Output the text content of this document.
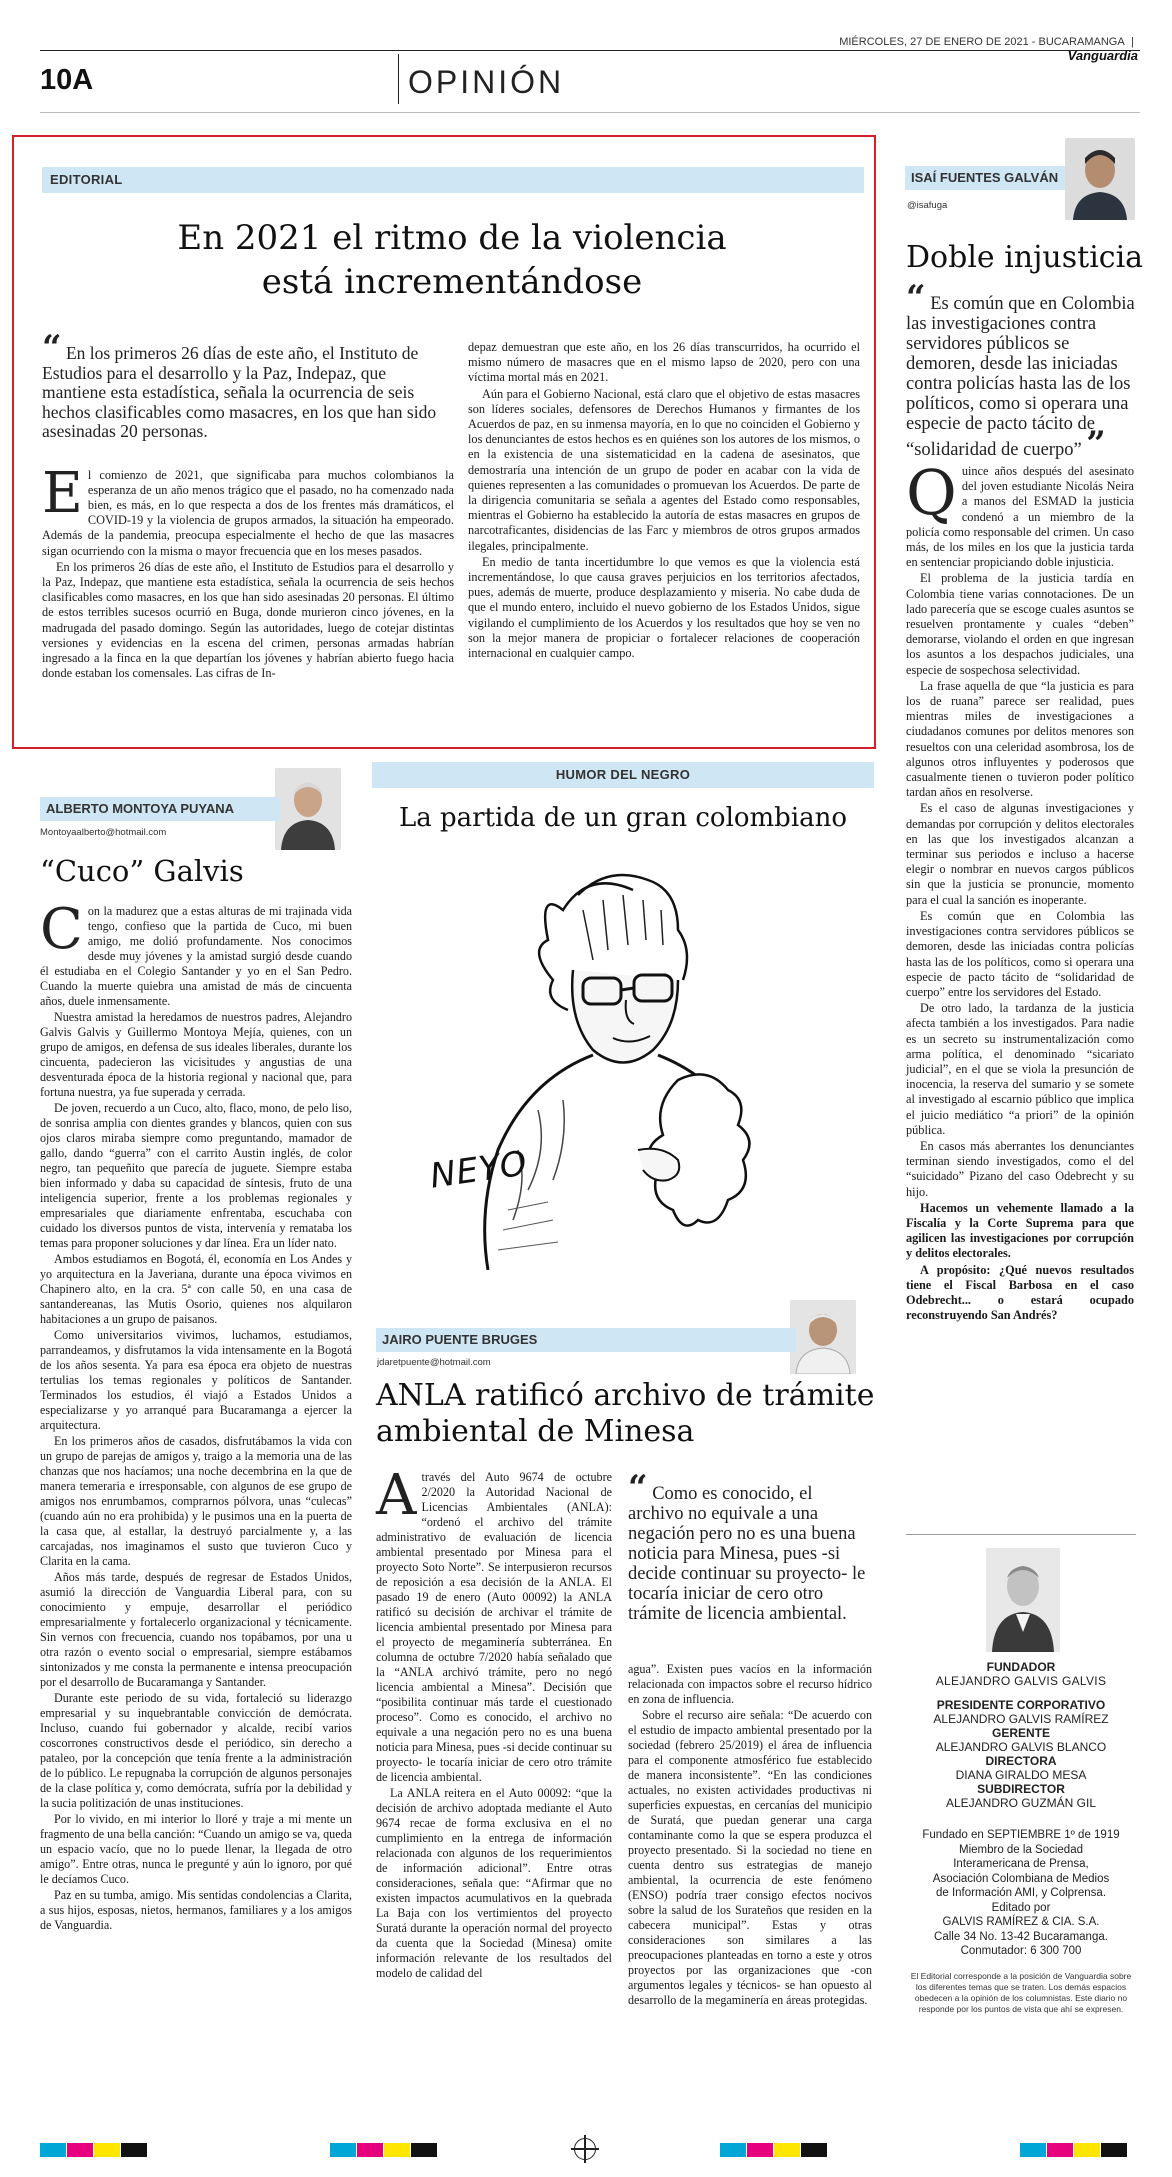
MIÉRCOLES, 27 DE ENERO DE 2021 - BUCARAMANGA | Vanguardia
10A	OPINIÓN
EDITORIAL
En 2021 el ritmo de la violencia
está incrementándose
“ En los primeros 26 días de este año, el Instituto de Estudios para el desarrollo y la Paz, Indepaz, que mantiene esta estadística, señala la ocurrencia de seis hechos clasificables como masacres, en los que han sido asesinadas 20 personas.
E l comienzo de 2021, que significaba para muchos colombianos la esperanza de un año menos trágico que el pasado, no ha comenzado nada bien, es más, en lo que respecta a dos de los frentes más dramáticos, el COVID-19 y la violencia de grupos armados, la situación ha empeorado. Además de la pandemia, preocupa especialmente el hecho de que las masacres sigan ocurriendo con la misma o mayor frecuencia que en los meses pasados.

En los primeros 26 días de este año, el Instituto de Estudios para el desarrollo y la Paz, Indepaz, que mantiene esta estadística, señala la ocurrencia de seis hechos clasificables como masacres, en los que han sido asesinadas 20 personas. El último de estos terribles sucesos ocurrió en Buga, donde murieron cinco jóvenes, en la madrugada del pasado domingo. Según las autoridades, luego de cotejar distintas versiones y evidencias en la escena del crimen, personas armadas habrían ingresado a la finca en la que departían los jóvenes y habrían abierto fuego hacia donde estaban los comensales. Las cifras de In-

depaz demuestran que este año, en los 26 días transcurridos, ha ocurrido el mismo número de masacres que en el mismo lapso de 2020, pero con una víctima mortal más en 2021.

Aún para el Gobierno Nacional, está claro que el objetivo de estas masacres son líderes sociales, defensores de Derechos Humanos y firmantes de los Acuerdos de paz, en su inmensa mayoría, en lo que no coinciden el Gobierno y los denunciantes de estos hechos es en quiénes son los autores de los mismos, o en la existencia de una sistematicidad en la cadena de asesinatos, que demostraría una intención de un grupo de poder en acabar con la vida de quienes representen a las comunidades o promuevan los Acuerdos. De parte de la dirigencia comunitaria se señala a agentes del Estado como responsables, mientras el Gobierno ha establecido la autoría de estas masacres en grupos de narcotraficantes, disidencias de las Farc y miembros de otros grupos armados ilegales, principalmente.

En medio de tanta incertidumbre lo que vemos es que la violencia está incrementándose, lo que causa graves perjuicios en los territorios afectados, pues, además de muerte, produce desplazamiento y miseria. No cabe duda de que el mundo entero, incluido el nuevo gobierno de los Estados Unidos, sigue vigilando el cumplimiento de los Acuerdos y los resultados que hoy se ven no son la mejor manera de propiciar o fortalecer relaciones de cooperación internacional en cualquier campo.

ISAÍ FUENTES GALVÁN
@isafuga
Doble injusticia
“ Es común que en Colombia las investigaciones contra servidores públicos se demoren, desde las iniciadas contra policías hasta las de los políticos, como si operara una especie de pacto tácito de “solidaridad de cuerpo” ”
Q uince años después del asesinato del joven estudiante Nicolás Neira a manos del ESMAD la justicia condenó a un miembro de la policía como responsable del crimen. Un caso más, de los miles en los que la justicia tarda en sentenciar propiciando doble injusticia.

El problema de la justicia tardía en Colombia tiene varias connotaciones. De un lado parecería que se escoge cuales asuntos se resuelven prontamente y cuales “deben” demorarse, violando el orden en que ingresan los asuntos a los despachos judiciales, una especie de sospechosa selectividad.

La frase aquella de que “la justicia es para los de ruana” parece ser realidad, pues mientras miles de investigaciones a ciudadanos comunes por delitos menores son resueltos con una celeridad asombrosa, los de algunos otros influyentes y poderosos que casualmente tienen o tuvieron poder político tardan años en resolverse.

Es el caso de algunas investigaciones y demandas por corrupción y delitos electorales en las que los investigados alcanzan a terminar sus periodos e incluso a hacerse elegir o nombrar en nuevos cargos públicos sin que la justicia se pronuncie, momento para el cual la sanción es inoperante.

Es común que en Colombia las investigaciones contra servidores públicos se demoren, desde las iniciadas contra policías hasta las de los políticos, como si operara una especie de pacto tácito de “solidaridad de cuerpo” entre los servidores del Estado.

De otro lado, la tardanza de la justicia afecta también a los investigados. Para nadie es un secreto su instrumentalización como arma política, el denominado “sicariato judicial”, en el que se viola la presunción de inocencia, la reserva del sumario y se somete al investigado al escarnio público que implica el juicio mediático “a priori” de la opinión pública.

En casos más aberrantes los denunciantes terminan siendo investigados, como el del “suicidado” Pizano del caso Odebrecht y su hijo.

Hacemos un vehemente llamado a la Fiscalía y la Corte Suprema para que agilicen las investigaciones por corrupción y delitos electorales.

A propósito: ¿Qué nuevos resultados tiene el Fiscal Barbosa en el caso Odebrecht... o estará ocupado reconstruyendo San Andrés?

FUNDADOR
ALEJANDRO GALVIS GALVIS
PRESIDENTE CORPORATIVO
ALEJANDRO GALVIS RAMÍREZ
GERENTE
ALEJANDRO GALVIS BLANCO
DIRECTORA
DIANA GIRALDO MESA
SUBDIRECTOR
ALEJANDRO GUZMÁN GIL
Fundado en SEPTIEMBRE 1º de 1919
Miembro de la Sociedad
Interamericana de Prensa,
Asociación Colombiana de Medios
de Información AMI, y Colprensa.
Editado por
GALVIS RAMÍREZ & CIA. S.A.
Calle 34 No. 13-42 Bucaramanga.
Conmutador: 6 300 700
El Editorial corresponde a la posición de Vanguardia sobre los diferentes temas que se traten. Los demás espacios obedecen a la opinión de los columnistas. Este diario no responde por los puntos de vista que ahí se expresen.
ALBERTO MONTOYA PUYANA
Montoyaalberto@hotmail.com
“Cuco” Galvis
C on la madurez que a estas alturas de mi trajinada vida tengo, confieso que la partida de Cuco, mi buen amigo, me dolió profundamente. Nos conocimos desde muy jóvenes y la amistad surgió desde cuando él estudiaba en el Colegio Santander y yo en el San Pedro. Cuando la muerte quiebra una amistad de más de cincuenta años, duele inmensamente.

Nuestra amistad la heredamos de nuestros padres, Alejandro Galvis Galvis y Guillermo Montoya Mejía, quienes, con un grupo de amigos, en defensa de sus ideales liberales, durante los cincuenta, padecieron las vicisitudes y angustias de una desventurada época de la historia regional y nacional que, para fortuna nuestra, ya fue superada y cerrada.

De joven, recuerdo a un Cuco, alto, flaco, mono, de pelo liso, de sonrisa amplia con dientes grandes y blancos, quien con sus ojos claros miraba siempre como preguntando, mamador de gallo, dando “guerra” con el carrito Austin inglés, de color negro, tan pequeñito que parecía de juguete. Siempre estaba bien informado y daba su capacidad de síntesis, fruto de una inteligencia superior, frente a los problemas regionales y empresariales que diariamente enfrentaba, escuchaba con cuidado los diversos puntos de vista, intervenía y remataba los temas para proponer soluciones y dar línea. Era un líder nato.

Ambos estudiamos en Bogotá, él, economía en Los Andes y yo arquitectura en la Javeriana, durante una época vivimos en Chapinero alto, en la cra. 5ª con calle 50, en una casa de santandereanas, las Mutis Osorio, quienes nos alquilaron habitaciones a un grupo de paisanos.

Como universitarios vivimos, luchamos, estudiamos, parrandeamos, y disfrutamos la vida intensamente en la Bogotá de los años sesenta. Ya para esa época era objeto de nuestras tertulias los temas regionales y políticos de Santander. Terminados los estudios, él viajó a Estados Unidos a especializarse y yo arranqué para Bucaramanga a ejercer la arquitectura.

En los primeros años de casados, disfrutábamos la vida con un grupo de parejas de amigos y, traigo a la memoria una de las chanzas que nos hacíamos; una noche decembrina en la que de manera temeraria e irresponsable, con algunos de ese grupo de amigos nos enrumbamos, comprarnos pólvora, unas “culecas” (cuando aún no era prohibida) y le pusimos una en la puerta de la casa que, al estallar, la destruyó parcialmente y, a las carcajadas, nos imaginamos el susto que tuvieron Cuco y Clarita en la cama.

Años más tarde, después de regresar de Estados Unidos, asumió la dirección de Vanguardia Liberal para, con su conocimiento y empuje, desarrollar el periódico empresarialmente y fortalecerlo organizacional y técnicamente. Sin vernos con frecuencia, cuando nos topábamos, por una u otra razón o evento social o empresarial, siempre estábamos sintonizados y me consta la permanente e intensa preocupación por el desarrollo de Bucaramanga y Santander.

Durante este periodo de su vida, fortaleció su liderazgo empresarial y su inquebrantable convicción de demócrata. Incluso, cuando fui gobernador y alcalde, recibí varios coscorrones constructivos desde el periódico, sin derecho a pataleo, por la concepción que tenía frente a la administración de lo público. Le repugnaba la corrupción de algunos personajes de la clase política y, como demócrata, sufría por la debilidad y la sucia politización de unas instituciones.

Por lo vivido, en mi interior lo lloré y traje a mi mente un fragmento de una bella canción: “Cuando un amigo se va, queda un espacio vacío, que no lo puede llenar, la llegada de otro amigo”. Entre otras, nunca le pregunté y aún lo ignoro, por qué le decíamos Cuco.

Paz en su tumba, amigo. Mis sentidas condolencias a Clarita, a sus hijos, esposas, nietos, hermanos, familiares y a los amigos de Vanguardia.

HUMOR DEL NEGRO
La partida de un gran colombiano
NEYO
JAIRO PUENTE BRUGES
jdaretpuente@hotmail.com
ANLA ratificó archivo de trámite
ambiental de Minesa
A través del Auto 9674 de octubre 2/2020 la Autoridad Nacional de Licencias Ambientales (ANLA): “ordenó el archivo del trámite administrativo de evaluación de licencia ambiental presentado por Minesa para el proyecto Soto Norte”. Se interpusieron recursos de reposición a esa decisión de la ANLA. El pasado 19 de enero (Auto 00092) la ANLA ratificó su decisión de archivar el trámite de licencia ambiental presentado por Minesa para el proyecto de megaminería subterránea. En columna de octubre 7/2020 había señalado que la “ANLA archivó trámite, pero no negó licencia ambiental a Minesa”. Decisión que “posibilita continuar más tarde el cuestionado proceso”. Como es conocido, el archivo no equivale a una negación pero no es una buena noticia para Minesa, pues -si decide continuar su proyecto- le tocaría iniciar de cero otro trámite de licencia ambiental.

La ANLA reitera en el Auto 00092: “que la decisión de archivo adoptada mediante el Auto 9674 recae de forma exclusiva en el no cumplimiento en la entrega de información relacionada con algunos de los requerimientos de información adicional”. Entre otras consideraciones, señala que: “Afirmar que no existen impactos acumulativos en la quebrada La Baja con los vertimientos del proyecto Suratá durante la operación normal del proyecto da cuenta que la Sociedad (Minesa) omite información relevante de los resultados del modelo de calidad del

“ Como es conocido, el archivo no equivale a una negación pero no es una buena noticia para Minesa, pues -si decide continuar su proyecto- le tocaría iniciar de cero otro trámite de licencia ambiental.

agua”. Existen pues vacíos en la información relacionada con impactos sobre el recurso hídrico en zona de influencia.

Sobre el recurso aire señala: “De acuerdo con el estudio de impacto ambiental presentado por la sociedad (febrero 25/2019) el área de influencia para el componente atmosférico fue establecido de manera inconsistente”. “En las condiciones actuales, no existen actividades productivas ni superficies expuestas, en cercanías del municipio de Suratá, que puedan generar una carga contaminante como la que se espera produzca el proyecto presentado. Si la sociedad no tiene en cuenta dentro sus estrategias de manejo ambiental, la ocurrencia de este fenómeno (ENSO) podría traer consigo efectos nocivos sobre la salud de los Surateños que residen en la cabecera municipal”. Estas y otras consideraciones son similares a las preocupaciones planteadas en torno a este y otros proyectos por las organizaciones que -con argumentos legales y técnicos- se han opuesto al desarrollo de la megaminería en áreas protegidas.
